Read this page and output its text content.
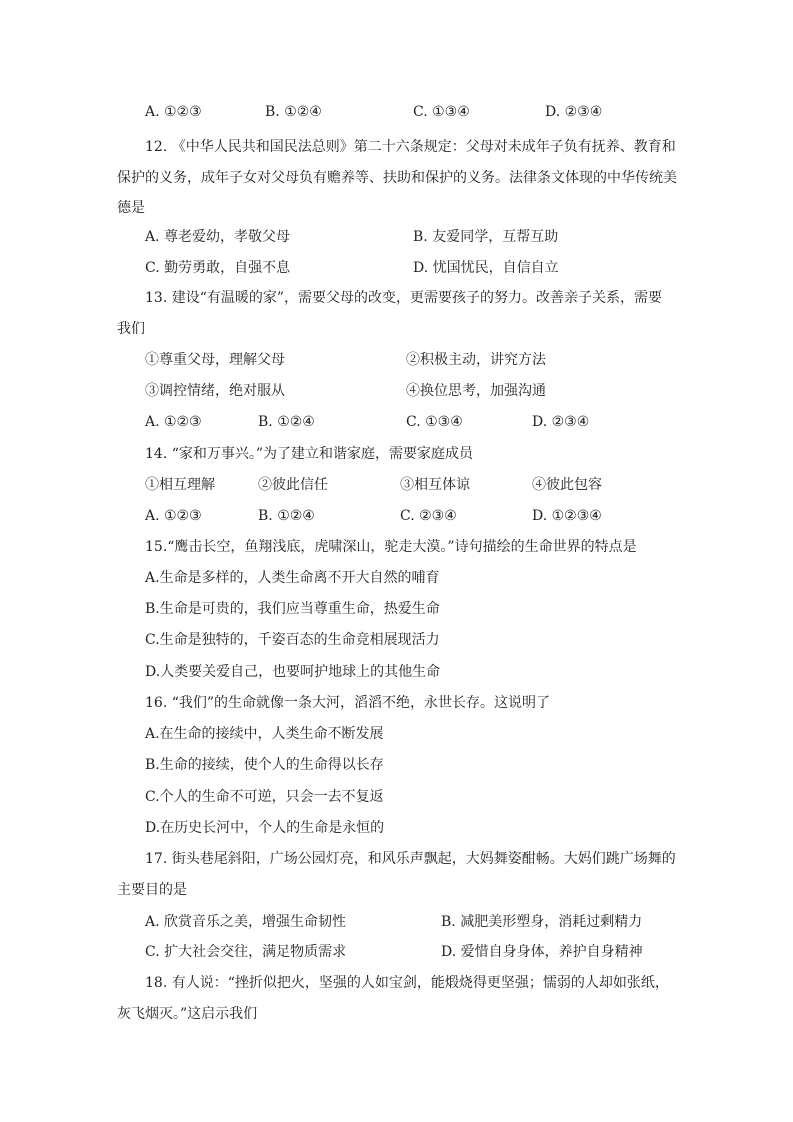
A. ①②③	B. ①②④	C. ①③④	D. ②③④
12. 《中华人民共和国民法总则》第二十六条规定：父母对未成年子负有抚养、教育和
保护的义务，成年子女对父母负有赡养等、扶助和保护的义务。法律条文体现的中华传统美
德是
A. 尊老爱幼，孝敬父母	B. 友爱同学，互帮互助
C. 勤劳勇敢，自强不息	D. 忧国忧民，自信自立
13. 建设“有温暖的家”，需要父母的改变，更需要孩子的努力。改善亲子关系，需要
我们
①尊重父母，理解父母	②积极主动，讲究方法
③调控情绪，绝对服从	④换位思考，加强沟通
A. ①②③	B. ①②④	C. ①③④	D. ②③④
14. “家和万事兴。”为了建立和谐家庭，需要家庭成员
①相互理解	②彼此信任	③相互体谅	④彼此包容
A. ①②③	B. ①②④	C. ②③④	D. ①②③④
15.“鹰击长空，鱼翔浅底，虎啸深山，驼走大漠。”诗句描绘的生命世界的特点是
A.生命是多样的，人类生命离不开大自然的哺育
B.生命是可贵的，我们应当尊重生命，热爱生命
C.生命是独特的，千姿百态的生命竞相展现活力
D.人类要关爱自己，也要呵护地球上的其他生命
16. “我们”的生命就像一条大河，滔滔不绝，永世长存。这说明了
A.在生命的接续中，人类生命不断发展
B.生命的接续，使个人的生命得以长存
C.个人的生命不可逆，只会一去不复返
D.在历史长河中，个人的生命是永恒的
17. 街头巷尾斜阳，广场公园灯亮，和风乐声飘起，大妈舞姿酣畅。大妈们跳广场舞的
主要目的是
A. 欣赏音乐之美，增强生命韧性	B. 减肥美形塑身，消耗过剩精力
C. 扩大社会交往，满足物质需求	D. 爱惜自身身体，养护自身精神
18. 有人说：“挫折似把火，坚强的人如宝剑，能煅烧得更坚强；懦弱的人却如张纸，
灰飞烟灭。”这启示我们
